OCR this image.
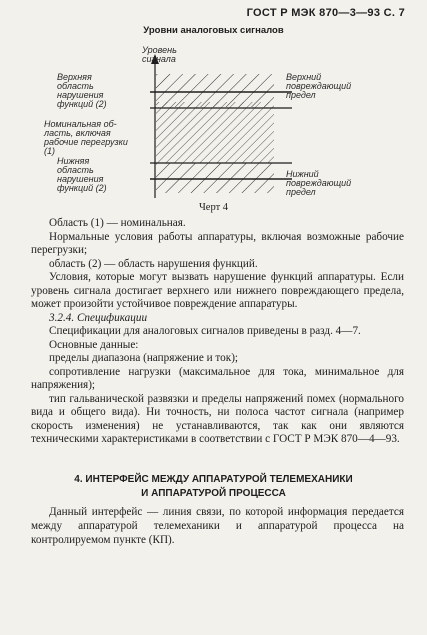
ГОСТ Р МЭК 870—3—93 С. 7
Уровни аналоговых сигналов
Уровень
сигнала
Верхняя
область
нарушения
функций (2)
Номинальная об-
ласть, включая
рабочие перегрузки
(1)
Нижняя
область
нарушения
функций (2)
Верхний
повреждающий
предел
Нижний
повреждающий
предел
Черт 4

Область (1) — номинальная.

Нормальные условия работы аппаратуры, включая возможные рабочие перегрузки;

область (2) — область нарушения функций.

Условия, которые могут вызвать нарушение функций аппаратуры. Если уровень сигнала достигает верхнего или нижнего повреждающего предела, может произойти устойчивое повреждение аппаратуры.

3.2.4. Спецификации

Спецификации для аналоговых сигналов приведены в разд. 4—7.

Основные данные:

пределы диапазона (напряжение и ток);

сопротивление нагрузки (максимальное для тока, минимальное для напряжения);

тип гальванической развязки и пределы напряжений помех (нормального вида и общего вида). Ни точность, ни полоса частот сигнала (например скорость изменения) не устанавливаются, так как они являются техническими характеристиками в соответствии с ГОСТ Р МЭК 870—4—93.

4. ИНТЕРФЕЙС МЕЖДУ АППАРАТУРОЙ ТЕЛЕМЕХАНИКИ
И АППАРАТУРОЙ ПРОЦЕССА

Данный интерфейс — линия связи, по которой информация передается между аппаратурой телемеханики и аппаратурой процесса на контролируемом пункте (КП).
